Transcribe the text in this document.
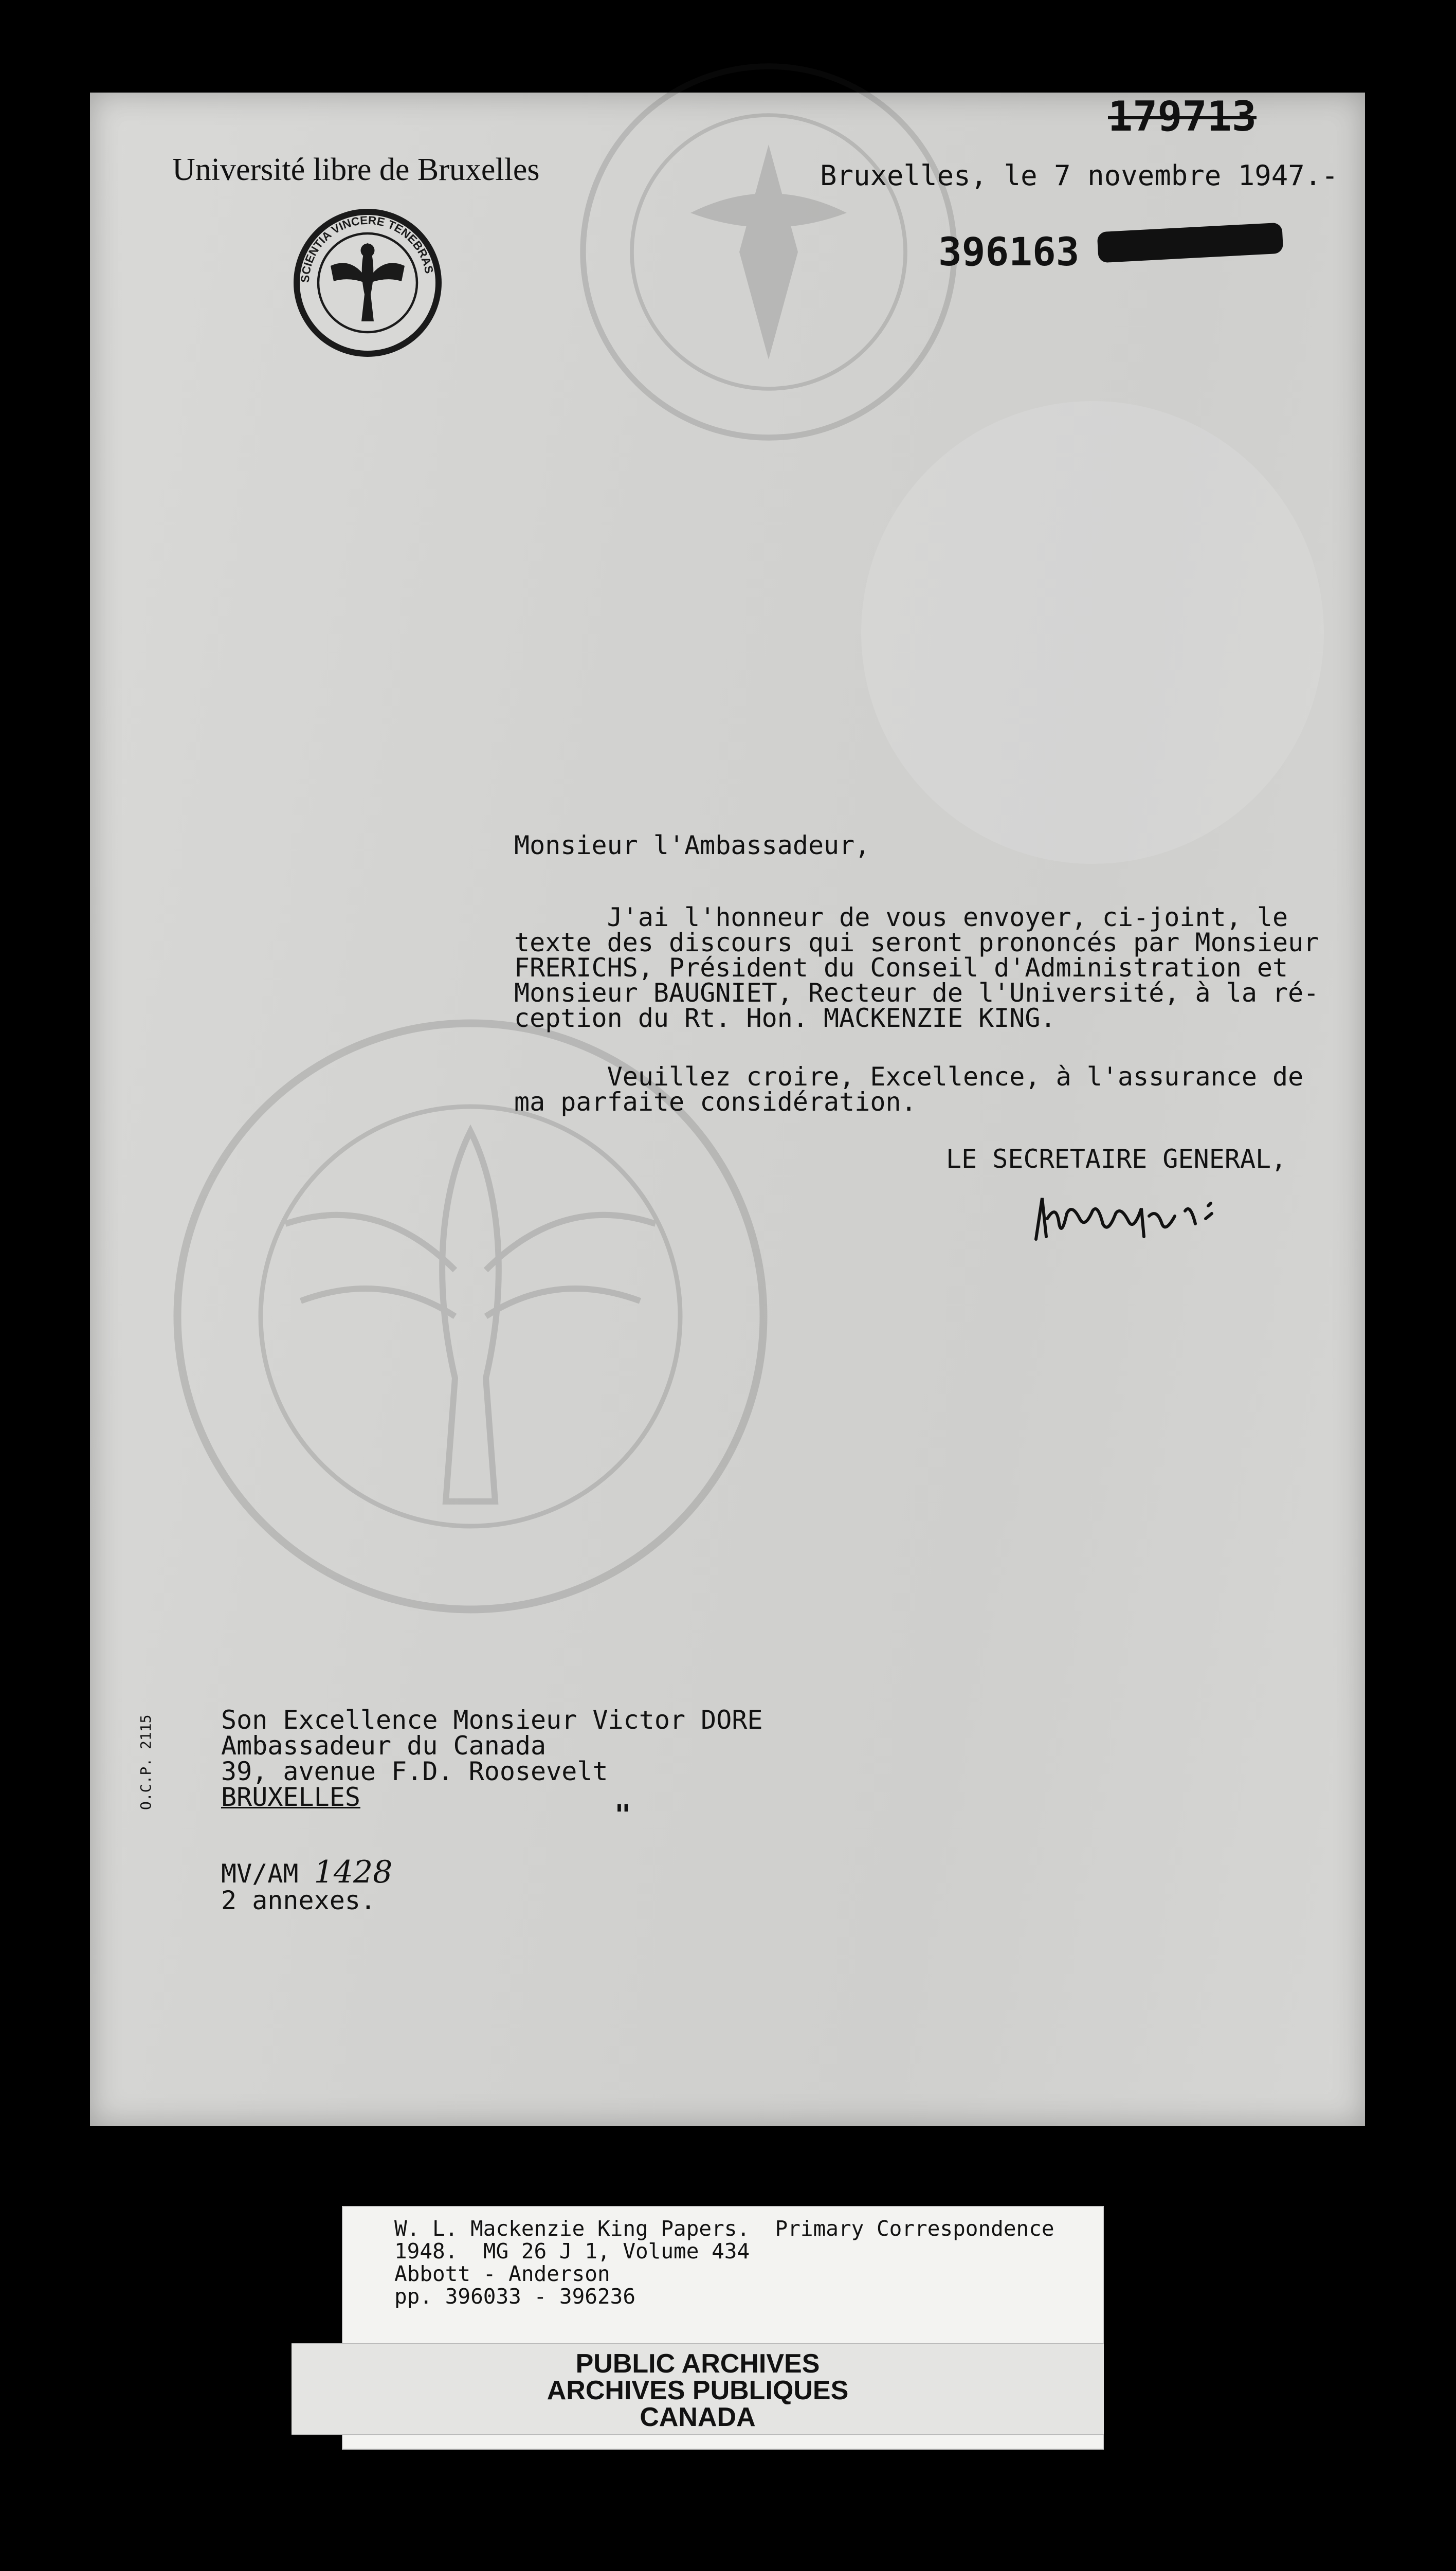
Université libre de Bruxelles
SCIENTIA VINCERE TENEBRAS
Bruxelles, le 7 novembre 1947.-
179713
396163
Monsieur l'Ambassadeur,
J'ai l'honneur de vous envoyer, ci-joint, le
texte des discours qui seront prononcés par Monsieur
FRERICHS, Président du Conseil d'Administration et
Monsieur BAUGNIET, Recteur de l'Université, à la ré-
ception du Rt. Hon. MACKENZIE KING.
Veuillez croire, Excellence, à l'assurance de
ma parfaite considération.
LE SECRETAIRE GENERAL,
O.C.P. 2115	Son Excellence Monsieur Victor DORE
Ambassadeur du Canada
39, avenue F.D. Roosevelt
BRUXELLES
"
MV/AM 1428
2 annexes.
W. L. Mackenzie King Papers.  Primary Correspondence
1948.  MG 26 J 1, Volume 434
Abbott - Anderson
pp. 396033 - 396236
PUBLIC ARCHIVES
ARCHIVES PUBLIQUES
CANADA
